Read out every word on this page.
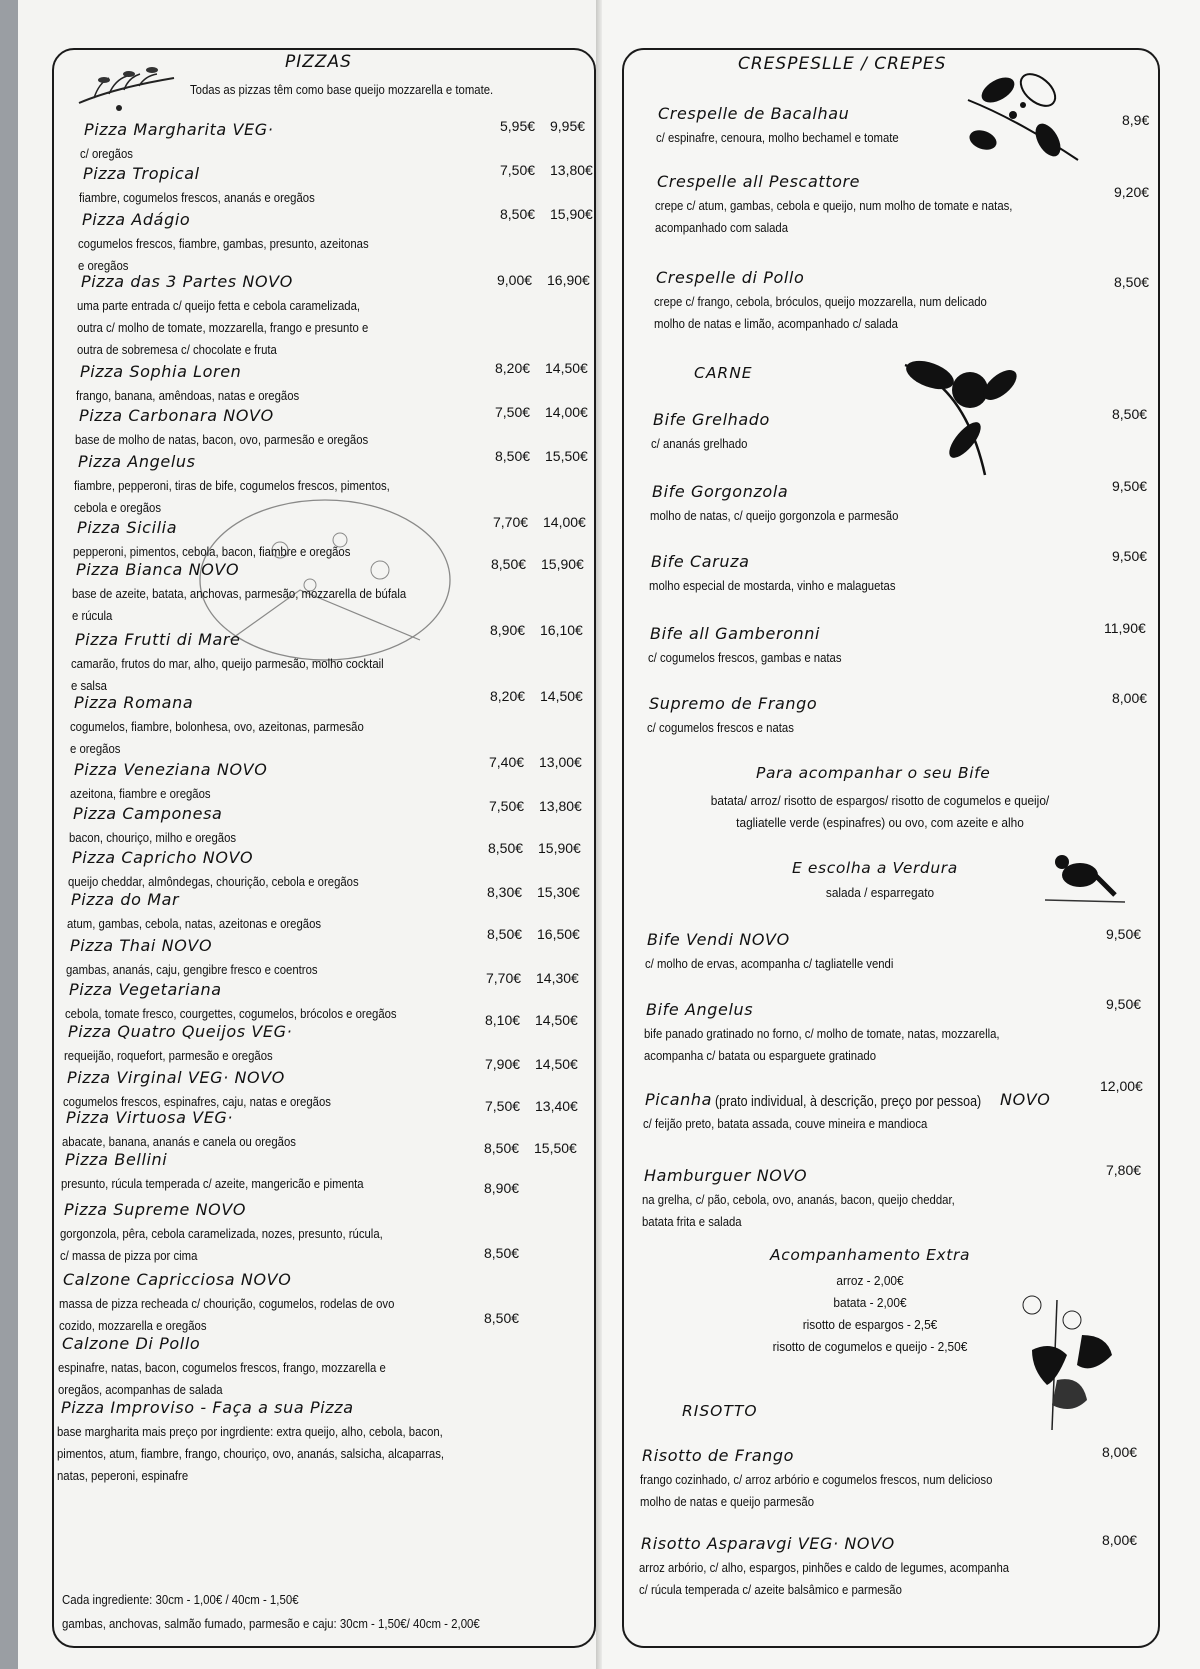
PIZZAS
Todas as pizzas têm como base queijo mozzarella e tomate.
Pizza Margharita VEG·
c/ oregãos
5,95€ 9,95€
Pizza Tropical
fiambre, cogumelos frescos, ananás e oregãos
7,50€ 13,80€
Pizza Adágio
cogumelos frescos, fiambre, gambas, presunto, azeitonas
e oregãos
8,50€ 15,90€
Pizza das 3 Partes NOVO
uma parte entrada c/ queijo fetta e cebola caramelizada,
outra c/ molho de tomate, mozzarella, frango e presunto e
outra de sobremesa c/ chocolate e fruta
9,00€ 16,90€
Pizza Sophia Loren
frango, banana, amêndoas, natas e oregãos
8,20€ 14,50€
Pizza Carbonara NOVO
base de molho de natas, bacon, ovo, parmesão e oregãos
7,50€ 14,00€
Pizza Angelus
fiambre, pepperoni, tiras de bife, cogumelos frescos, pimentos,
cebola e oregãos
8,50€ 15,50€
Pizza Sicilia
pepperoni, pimentos, cebola, bacon, fiambre e oregãos
7,70€ 14,00€
Pizza Bianca NOVO
base de azeite, batata, anchovas, parmesão, mozzarella de búfala
e rúcula
8,50€ 15,90€
Pizza Frutti di Mare
camarão, frutos do mar, alho, queijo parmesão, molho cocktail
e salsa
8,90€ 16,10€
Pizza Romana
cogumelos, fiambre, bolonhesa, ovo, azeitonas, parmesão
e oregãos
8,20€ 14,50€
Pizza Veneziana NOVO
azeitona, fiambre e oregãos
7,40€ 13,00€
Pizza Camponesa
bacon, chouriço, milho e oregãos
7,50€ 13,80€
Pizza Capricho NOVO
queijo cheddar, almôndegas, chourição, cebola e oregãos
8,50€ 15,90€
Pizza do Mar
atum, gambas, cebola, natas, azeitonas e oregãos
8,30€ 15,30€
Pizza Thai NOVO
gambas, ananás, caju, gengibre fresco e coentros
8,50€ 16,50€
Pizza Vegetariana
cebola, tomate fresco, courgettes, cogumelos, brócolos e oregãos
7,70€ 14,30€
Pizza Quatro Queijos VEG·
requeijão, roquefort, parmesão e oregãos
8,10€ 14,50€
Pizza Virginal VEG· NOVO
cogumelos frescos, espinafres, caju, natas e oregãos
7,90€ 14,50€
Pizza Virtuosa VEG·
abacate, banana, ananás e canela ou oregãos
7,50€ 13,40€
Pizza Bellini
presunto, rúcula temperada c/ azeite, mangericão e pimenta
8,50€ 15,50€
Pizza Supreme NOVO
gorgonzola, pêra, cebola caramelizada, nozes, presunto, rúcula,
c/ massa de pizza por cima
8,90€
Calzone Capricciosa NOVO
massa de pizza recheada c/ chourição, cogumelos, rodelas de ovo
cozido, mozzarella e oregãos
8,50€
Calzone Di Pollo
espinafre, natas, bacon, cogumelos frescos, frango, mozzarella e
oregãos, acompanhas de salada
8,50€
Pizza Improviso - Faça a sua Pizza
base margharita mais preço por ingrdiente: extra queijo, alho, cebola, bacon,
pimentos, atum, fiambre, frango, chouriço, ovo, ananás, salsicha, alcaparras,
natas, peperoni, espinafre
Cada ingrediente: 30cm - 1,00€ / 40cm - 1,50€
gambas, anchovas, salmão fumado, parmesão e caju: 30cm - 1,50€/ 40cm - 2,00€
CRESPESLLE / CREPES
Crespelle de Bacalhau
c/ espinafre, cenoura, molho bechamel e tomate
8,9€
Crespelle all Pescattore
crepe c/ atum, gambas, cebola e queijo, num molho de tomate e natas,
acompanhado com salada
9,20€
Crespelle di Pollo
crepe c/ frango, cebola, bróculos, queijo mozzarella, num delicado
molho de natas e limão, acompanhado c/ salada
8,50€
CARNE
Bife Grelhado
c/ ananás grelhado
8,50€
Bife Gorgonzola
molho de natas, c/ queijo gorgonzola e parmesão
9,50€
Bife Caruza
molho especial de mostarda, vinho e malaguetas
9,50€
Bife all Gamberonni
c/ cogumelos frescos, gambas e natas
11,90€
Supremo de Frango
c/ cogumelos frescos e natas
8,00€
Para acompanhar o seu Bife
batata/ arroz/ risotto de espargos/ risotto de cogumelos e queijo/
tagliatelle verde (espinafres) ou ovo, com azeite e alho
E escolha a Verdura
salada / esparregato
Bife Vendi NOVO
c/ molho de ervas, acompanha c/ tagliatelle vendi
9,50€
Bife Angelus
bife panado gratinado no forno, c/ molho de tomate, natas, mozzarella,
acompanha c/ batata ou esparguete gratinado
9,50€
Picanha (prato individual, à descrição, preço por pessoa) NOVO
c/ feijão preto, batata assada, couve mineira e mandioca
12,00€
Hamburguer NOVO
na grelha, c/ pão, cebola, ovo, ananás, bacon, queijo cheddar,
batata frita e salada
7,80€
Acompanhamento Extra
arroz - 2,00€
batata - 2,00€
risotto de espargos - 2,5€
risotto de cogumelos e queijo - 2,50€
RISOTTO
Risotto de Frango
frango cozinhado, c/ arroz arbório e cogumelos frescos, num delicioso
molho de natas e queijo parmesão
8,00€
Risotto Asparavgi VEG· NOVO
arroz arbório, c/ alho, espargos, pinhões e caldo de legumes, acompanha
c/ rúcula temperada c/ azeite balsâmico e parmesão
8,00€
